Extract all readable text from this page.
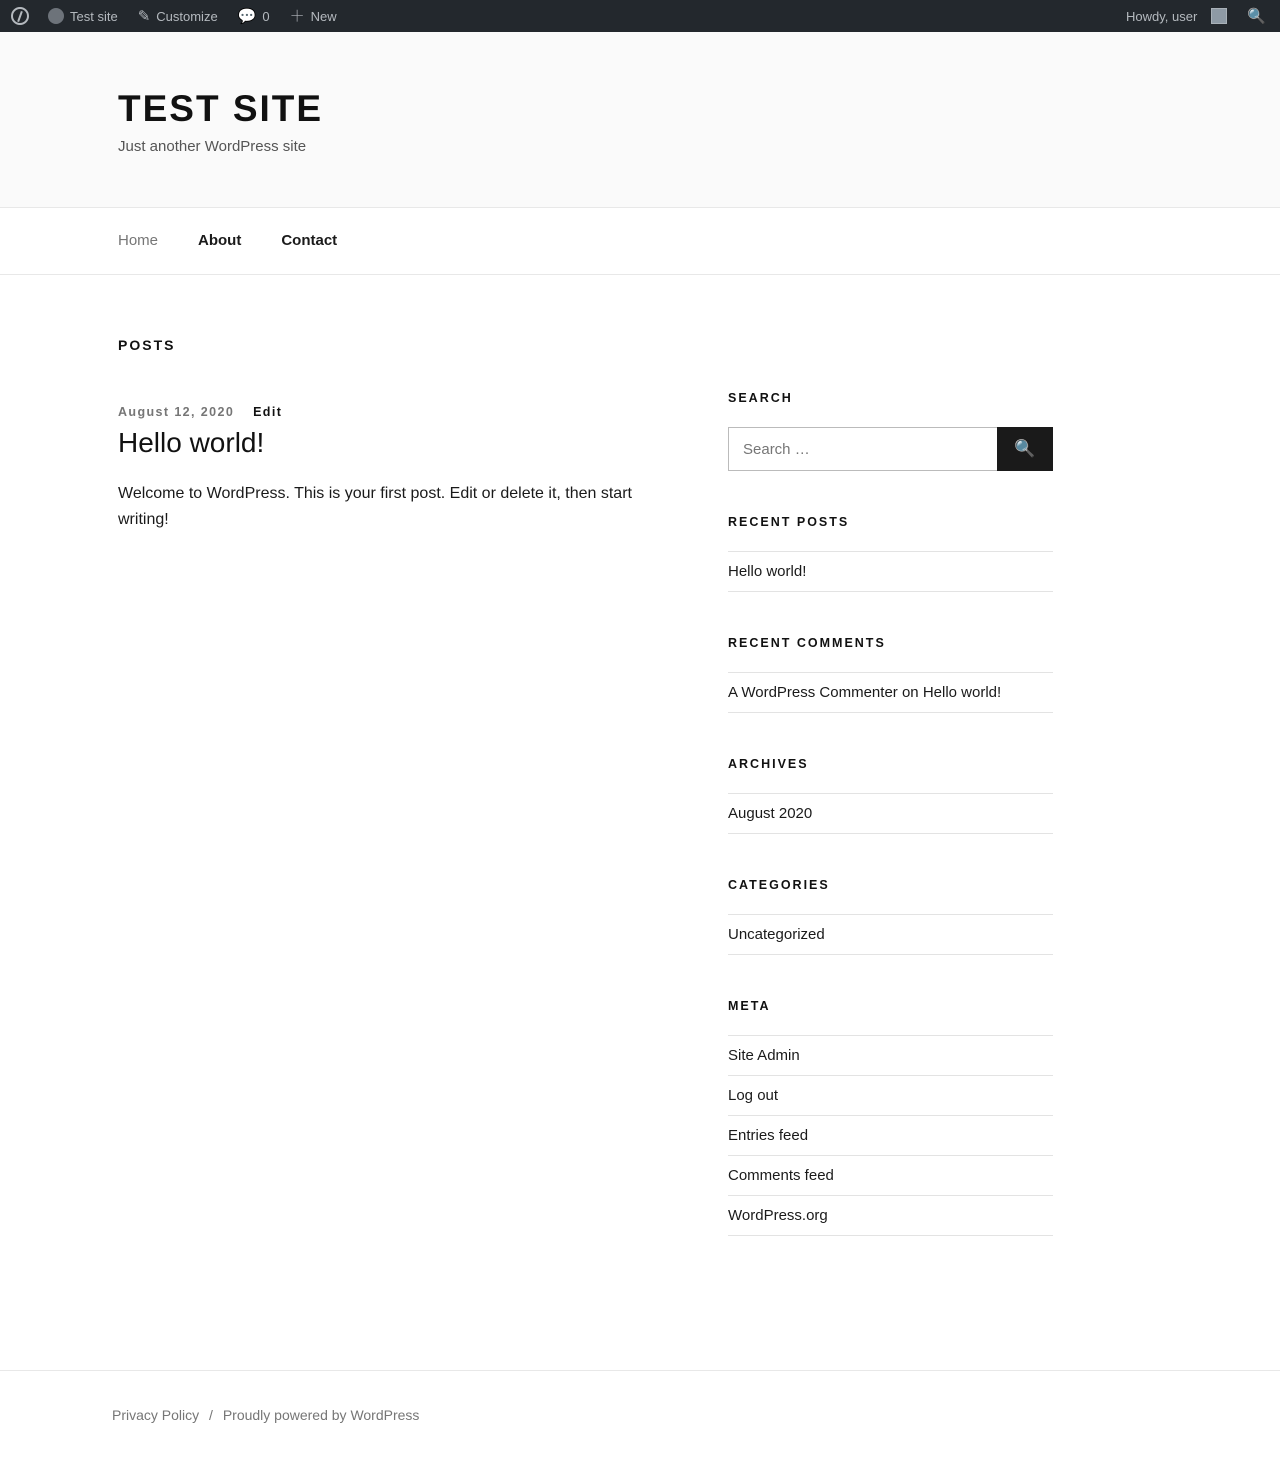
Test site ✎ Customize 💬 0 ＋ New	Howdy, user	🔍
TEST SITE

Just another WordPress site

Home	About	Contact
POSTS
August 12, 2020 Edit
Hello world!

Welcome to WordPress. This is your first post. Edit or delete it, then start writing!

SEARCH
Search …
🔍
RECENT POSTS
Hello world!
RECENT COMMENTS
A WordPress Commenter on Hello world!
ARCHIVES
August 2020
CATEGORIES
Uncategorized
META
Site Admin
Log out
Entries feed
Comments feed
WordPress.org
Privacy Policy / Proudly powered by WordPress
